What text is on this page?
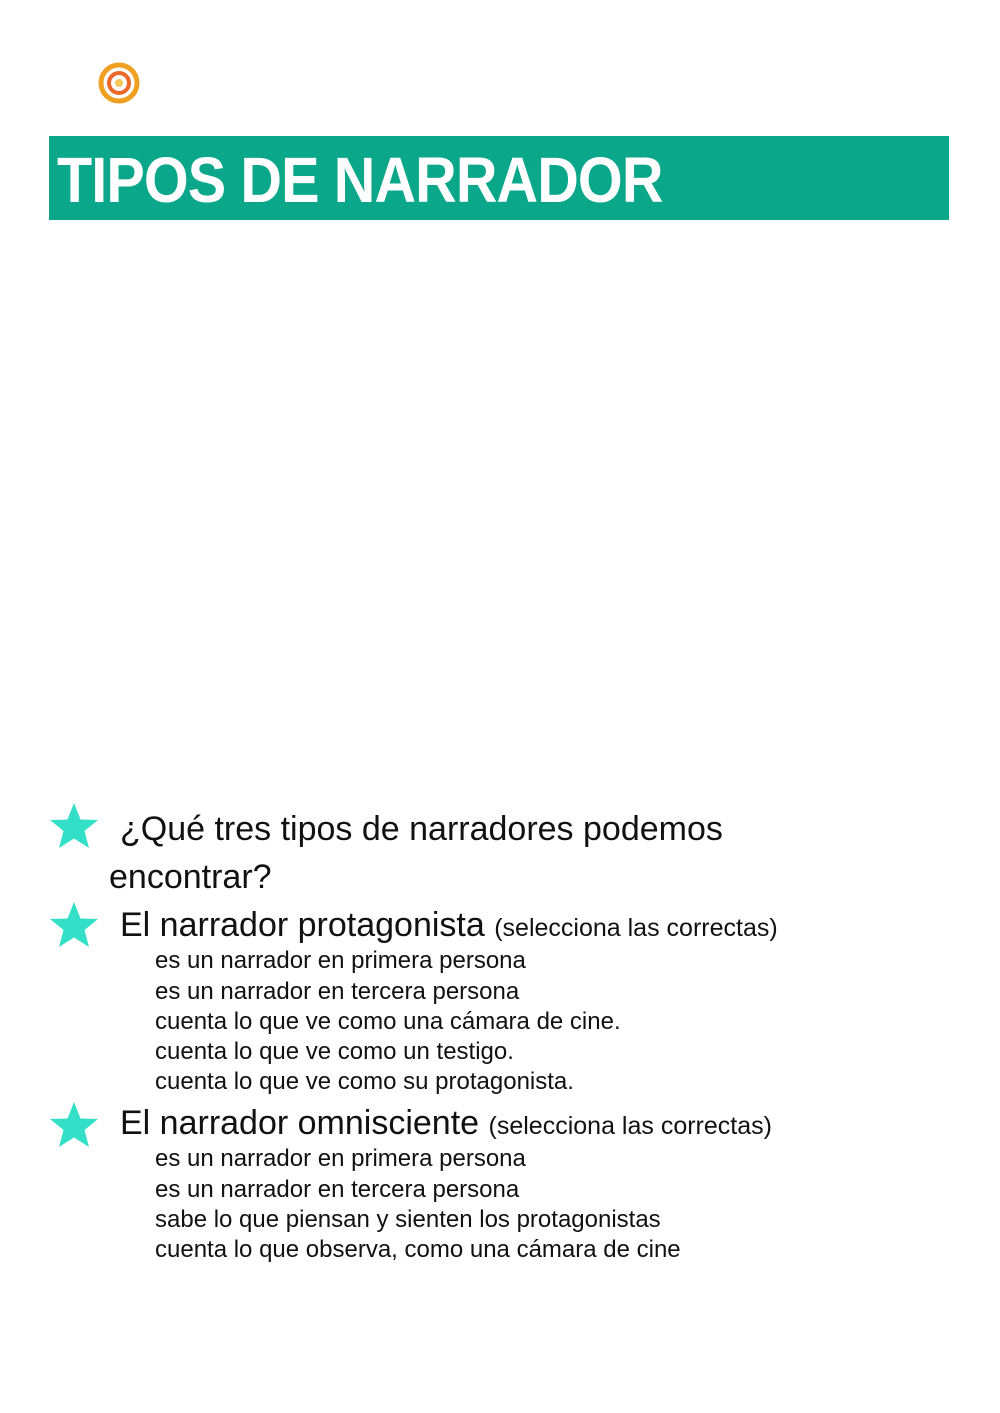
TIPOS DE NARRADOR
¿Qué tres tipos de narradores podemos
encontrar?
El narrador protagonista (selecciona las correctas)
es un narrador en primera persona
es un narrador en tercera persona
cuenta lo que ve como una cámara de cine.
cuenta lo que ve como un testigo.
cuenta lo que ve como su protagonista.
El narrador omnisciente (selecciona las correctas)
es un narrador en primera persona
es un narrador en tercera persona
sabe lo que piensan y sienten los protagonistas
cuenta lo que observa, como una cámara de cine
